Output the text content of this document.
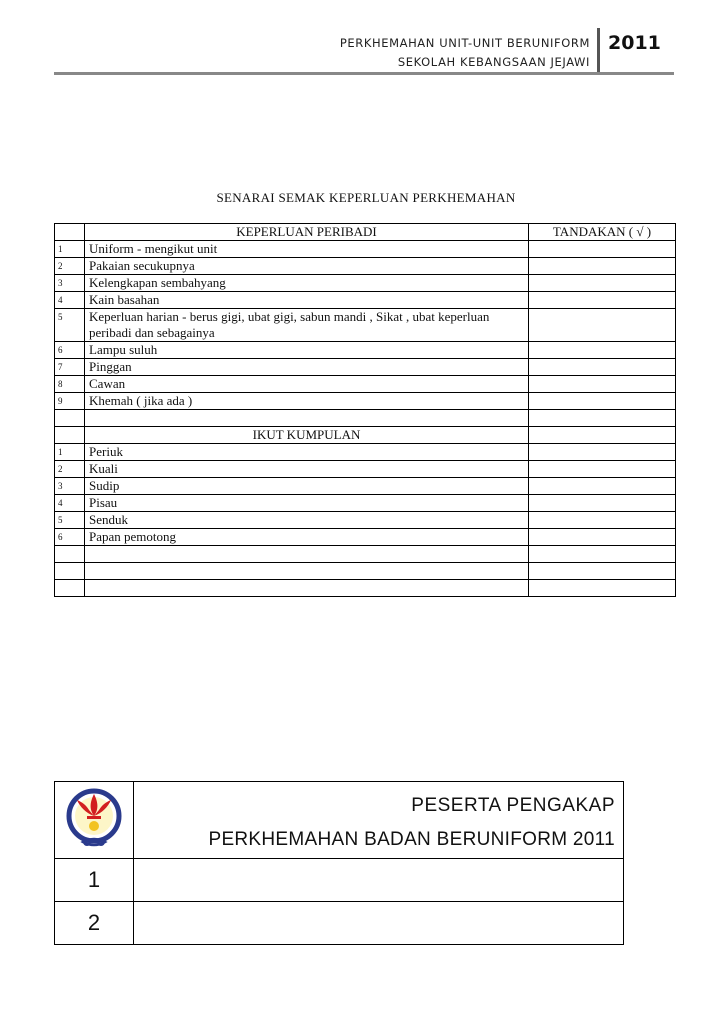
PERKHEMAHAN UNIT-UNIT BERUNIFORM
SEKOLAH KEBANGSAAN JEJAWI
2011
SENARAI SEMAK KEPERLUAN PERKHEMAHAN
	KEPERLUAN PERIBADI	TANDAKAN ( √ )
1	Uniform - mengikut unit	
2	Pakaian secukupnya	
3	Kelengkapan sembahyang	
4	Kain basahan	
5	Keperluan harian - berus gigi, ubat gigi, sabun mandi , Sikat , ubat keperluan peribadi dan sebagainya	
6	Lampu suluh	
7	Pinggan	
8	Cawan	
9	Khemah ( jika ada )	

	IKUT KUMPULAN	
1	Periuk	
2	Kuali	
3	Sudip	
4	Pisau	
5	Senduk	
6	Papan pemotong	

PESERTA PENGAKAP
PERKHEMAHAN BADAN BERUNIFORM 2011

1	
2	
